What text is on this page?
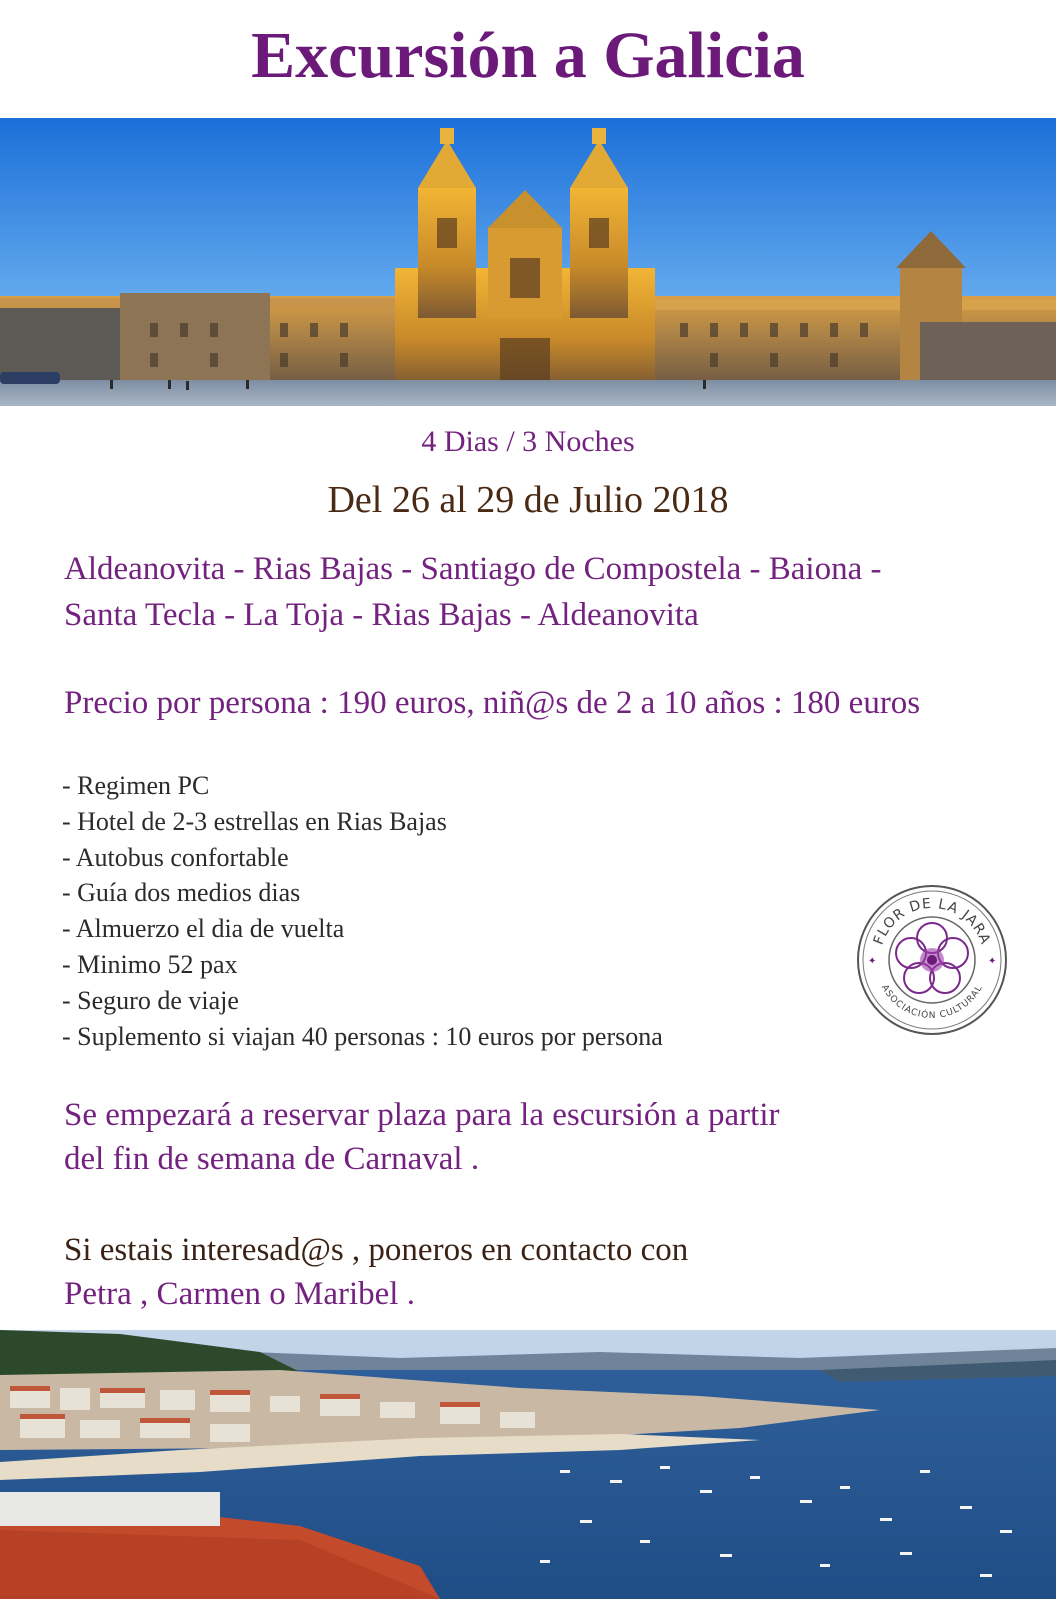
Excursión a Galicia

4 Dias / 3 Noches

Del 26 al 29 de Julio 2018

Aldeanovita - Rias Bajas - Santiago de Compostela - Baiona -
Santa Tecla - La Toja - Rias Bajas - Aldeanovita

Precio por persona : 190 euros, niñ@s de 2 a 10 años : 180 euros

- Regimen PC
- Hotel de 2-3 estrellas en Rias Bajas
- Autobus confortable
- Guía dos medios dias
- Almuerzo el dia de vuelta
- Minimo 52 pax
- Seguro de viaje
- Suplemento si viajan 40 personas : 10 euros por persona
FLOR DE LA JARA
ASOCIACIÓN CULTURAL
✦	✦
Se empezará a reservar plaza para la escursión a partir
del fin de semana de Carnaval .

Si estais interesad@s , poneros en contacto con

Petra , Carmen o Maribel .
